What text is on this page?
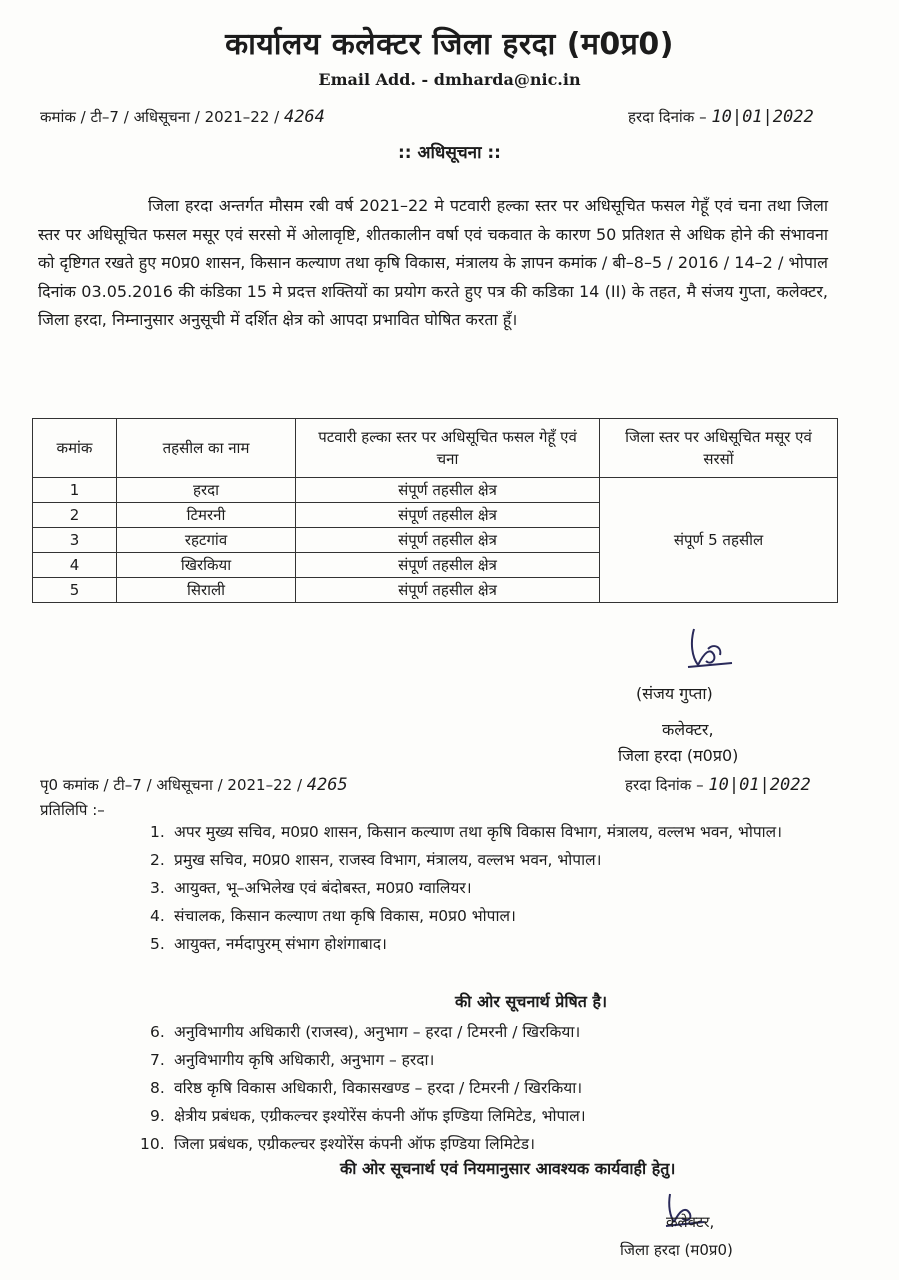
कार्यालय कलेक्टर जिला हरदा (म0प्र0)
Email Add. - dmharda@nic.in
कमांक / टी–7 / अधिसूचना / 2021–22 / 4264	हरदा दिनांक – 10|01|2022
:: अधिसूचना ::
जिला हरदा अन्तर्गत मौसम रबी वर्ष 2021–22 मे पटवारी हल्का स्तर पर अधिसूचित फसल गेहूँ एवं चना तथा जिला स्तर पर अधिसूचित फसल मसूर एवं सरसो में ओलावृष्टि, शीतकालीन वर्षा एवं चकवात के कारण 50 प्रतिशत से अधिक होने की संभावना को दृष्टिगत रखते हुए म0प्र0 शासन, किसान कल्याण तथा कृषि विकास, मंत्रालय के ज्ञापन कमांक / बी–8–5 / 2016 / 14–2 / भोपाल दिनांक 03.05.2016 की कंडिका 15 मे प्रदत्त शक्तियों का प्रयोग करते हुए पत्र की कडिका 14 (II) के तहत, मै संजय गुप्ता, कलेक्टर, जिला हरदा, निम्नानुसार अनुसूची में दर्शित क्षेत्र को आपदा प्रभावित घोषित करता हूँ।
कमांक	तहसील का नाम	पटवारी हल्का स्तर पर अधिसूचित फसल गेहूँ एवं चना	जिला स्तर पर अधिसूचित मसूर एवं सरसों
1	हरदा	संपूर्ण तहसील क्षेत्र	संपूर्ण 5 तहसील
2	टिमरनी	संपूर्ण तहसील क्षेत्र	
3	रहटगांव	संपूर्ण तहसील क्षेत्र	
4	खिरकिया	संपूर्ण तहसील क्षेत्र	
5	सिराली	संपूर्ण तहसील क्षेत्र	
(संजय गुप्ता)
कलेक्टर,
जिला हरदा (म0प्र0)
पृ0 कमांक / टी–7 / अधिसूचना / 2021–22 / 4265	हरदा दिनांक – 10|01|2022
प्रतिलिपि :–
1. अपर मुख्य सचिव, म0प्र0 शासन, किसान कल्याण तथा कृषि विकास विभाग, मंत्रालय, वल्लभ भवन, भोपाल।
2. प्रमुख सचिव, म0प्र0 शासन, राजस्व विभाग, मंत्रालय, वल्लभ भवन, भोपाल।
3. आयुक्त, भू–अभिलेख एवं बंदोबस्त, म0प्र0 ग्वालियर।
4. संचालक, किसान कल्याण तथा कृषि विकास, म0प्र0 भोपाल।
5. आयुक्त, नर्मदापुरम् संभाग होशंगाबाद।
की ओर सूचनार्थ प्रेषित है।
6. अनुविभागीय अधिकारी (राजस्व), अनुभाग – हरदा / टिमरनी / खिरकिया।
7. अनुविभागीय कृषि अधिकारी, अनुभाग – हरदा।
8. वरिष्ठ कृषि विकास अधिकारी, विकासखण्ड – हरदा / टिमरनी / खिरकिया।
9. क्षेत्रीय प्रबंधक, एग्रीकल्चर इश्योरेंस कंपनी ऑफ इण्डिया लिमिटेड, भोपाल।
10. जिला प्रबंधक, एग्रीकल्चर इश्योरेंस कंपनी ऑफ इण्डिया लिमिटेड।
की ओर सूचनार्थ एवं नियमानुसार आवश्यक कार्यवाही हेतु।
कलेक्टर,
जिला हरदा (म0प्र0)
